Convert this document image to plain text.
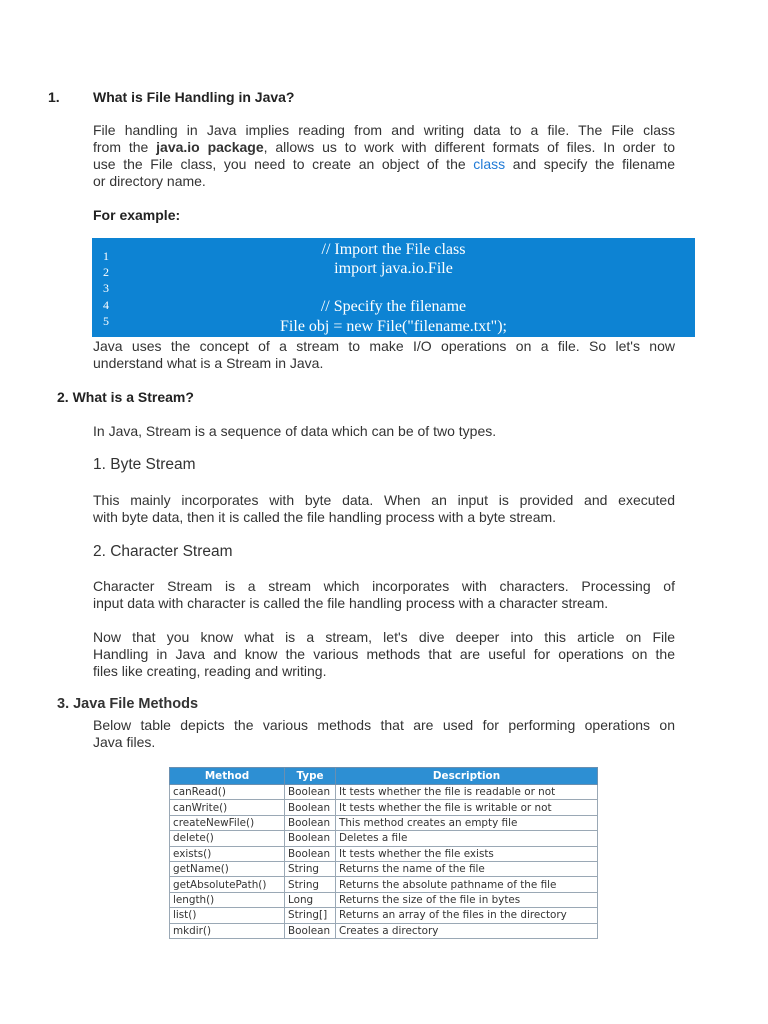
1. What is File Handling in Java?
File handling in Java implies reading from and writing data to a file. The File class
from the java.io package, allows us to work with different formats of files. In order to
use the File class, you need to create an object of the class and specify the filename
or directory name.
For example:
1
2
3
4
5
// Import the File class
import java.io.File
// Specify the filename
File obj = new File("filename.txt");
Java uses the concept of a stream to make I/O operations on a file. So let's now
understand what is a Stream in Java.
2. What is a Stream?
In Java, Stream is a sequence of data which can be of two types.
1. Byte Stream
This mainly incorporates with byte data. When an input is provided and executed
with byte data, then it is called the file handling process with a byte stream.
2. Character Stream
Character Stream is a stream which incorporates with characters. Processing of
input data with character is called the file handling process with a character stream.
Now that you know what is a stream, let's dive deeper into this article on File
Handling in Java and know the various methods that are useful for operations on the
files like creating, reading and writing.
3. Java File Methods
Below table depicts the various methods that are used for performing operations on
Java files.
Method	Type	Description
canRead()	Boolean	It tests whether the file is readable or not
canWrite()	Boolean	It tests whether the file is writable or not
createNewFile()	Boolean	This method creates an empty file
delete()	Boolean	Deletes a file
exists()	Boolean	It tests whether the file exists
getName()	String	Returns the name of the file
getAbsolutePath()	String	Returns the absolute pathname of the file
length()	Long	Returns the size of the file in bytes
list()	String[]	Returns an array of the files in the directory
mkdir()	Boolean	Creates a directory
